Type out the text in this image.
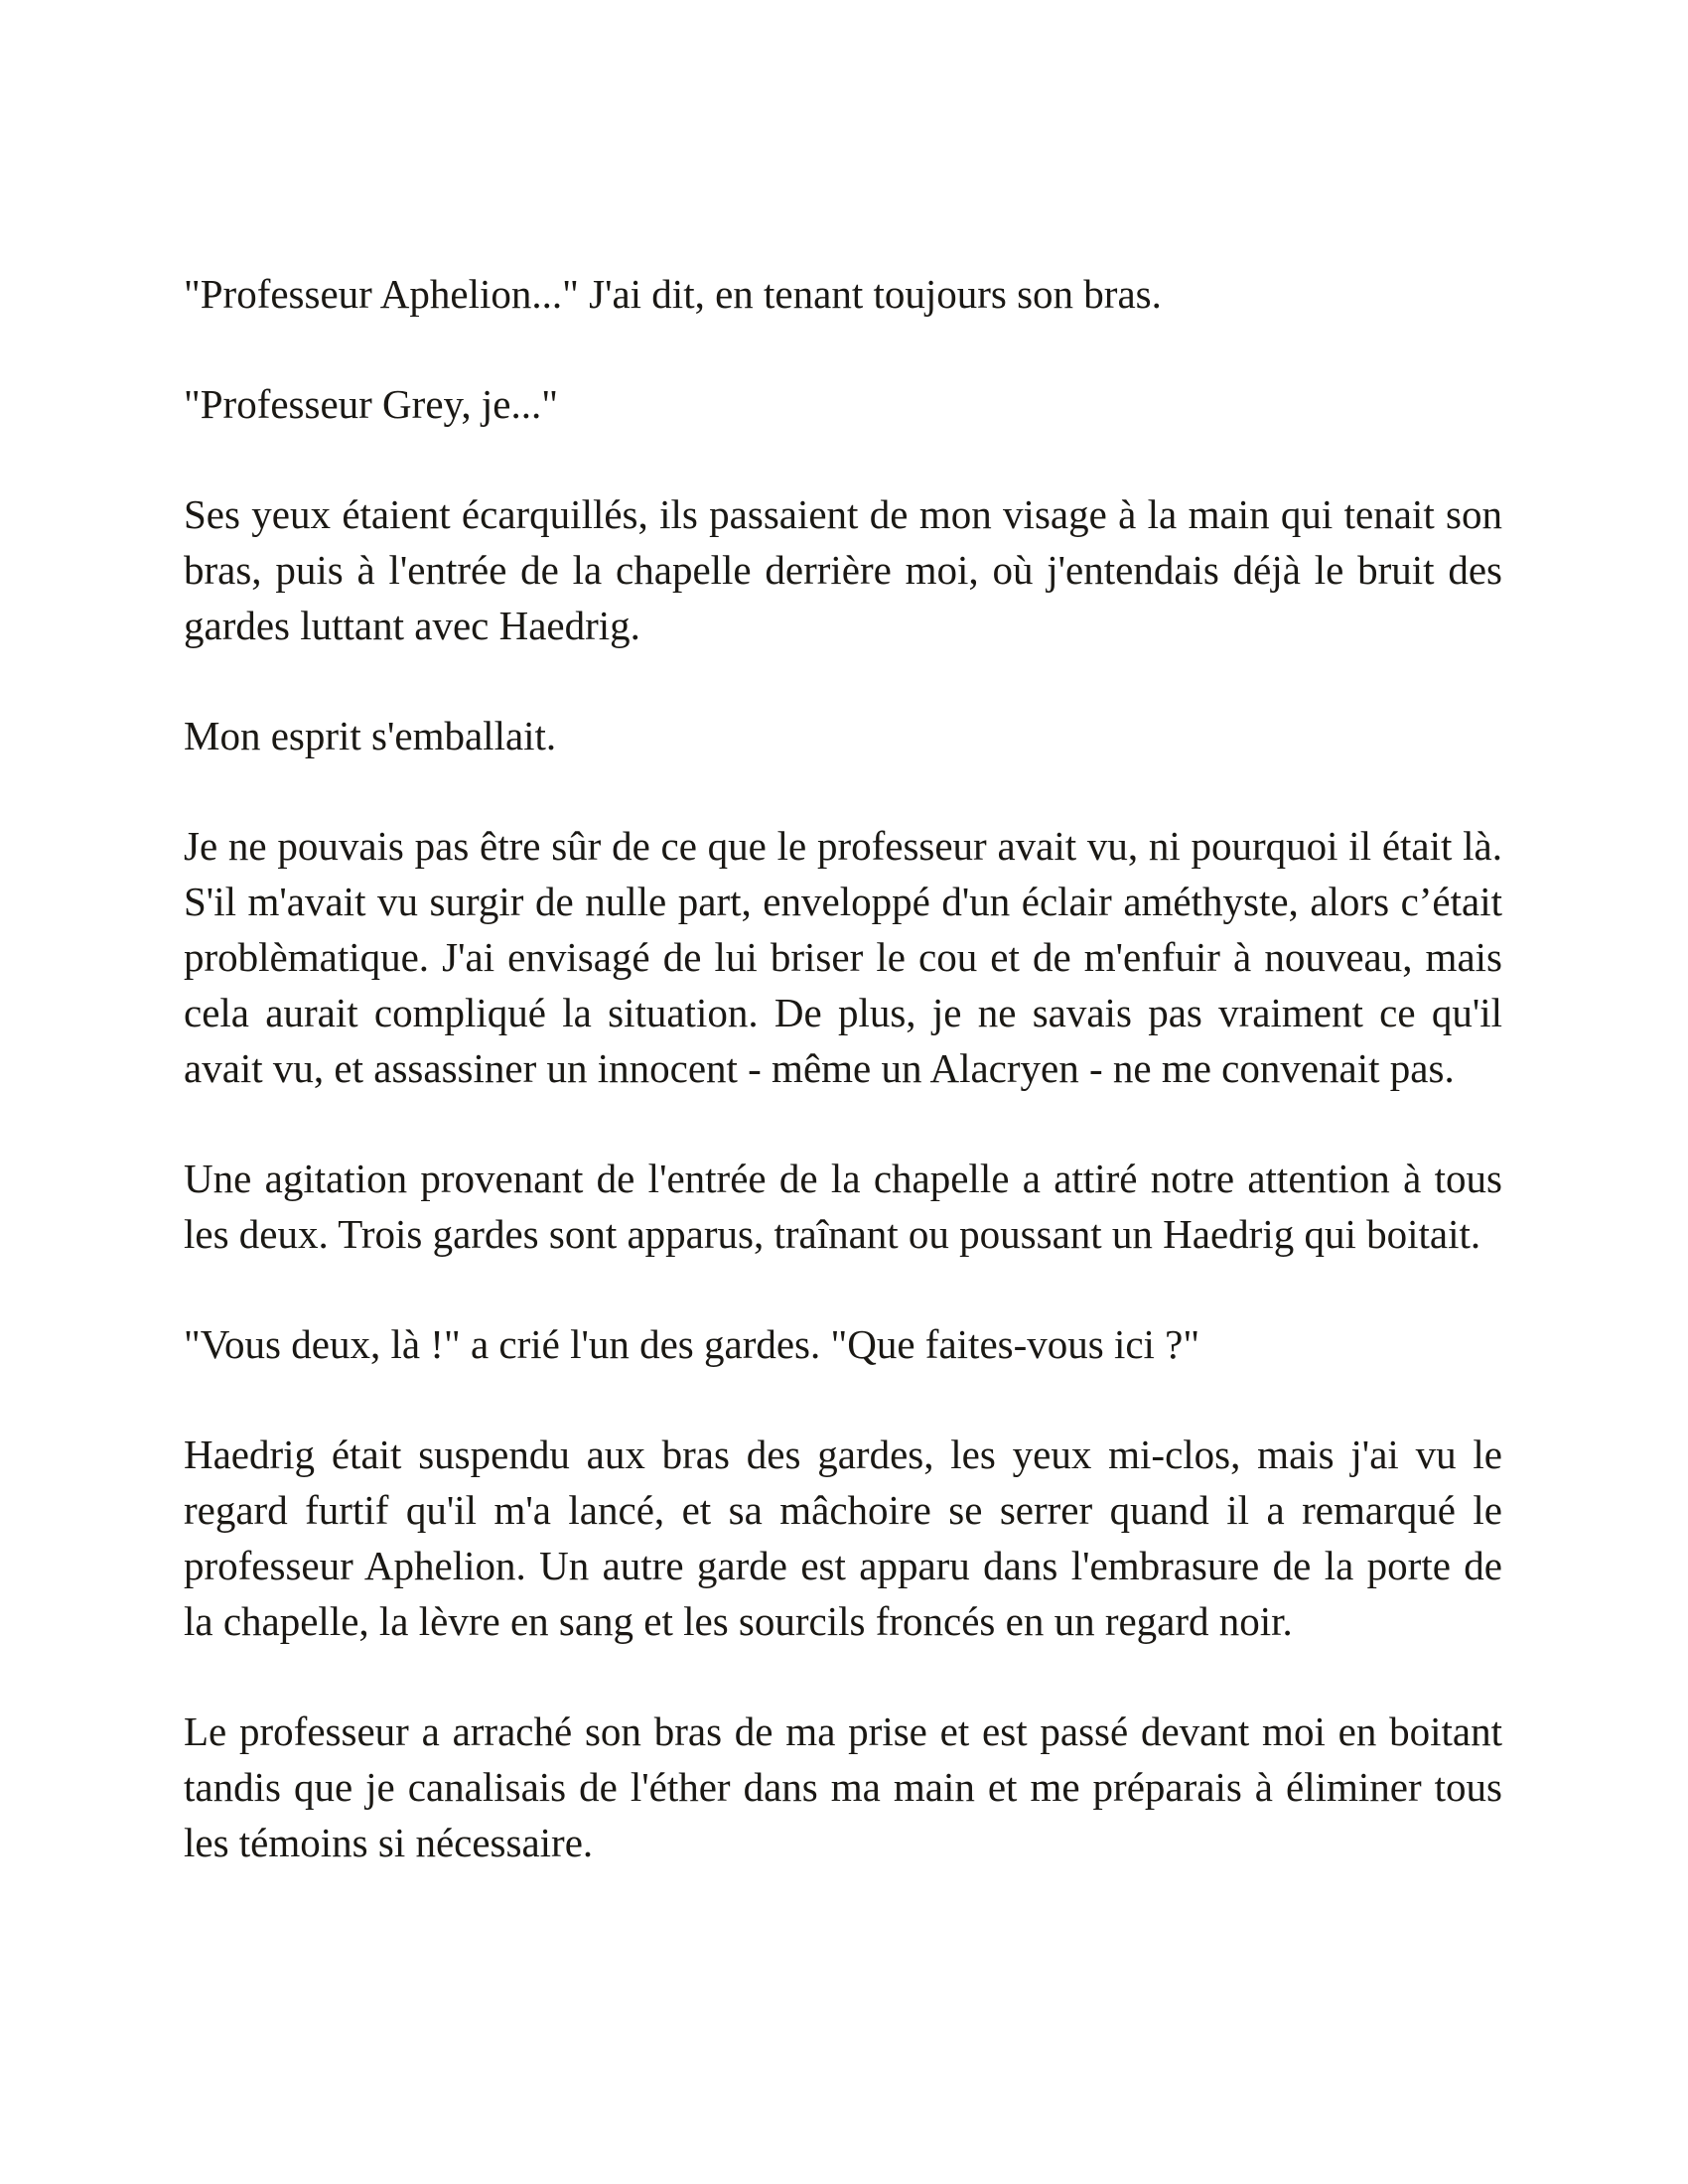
"Professeur Aphelion..." J'ai dit, en tenant toujours son bras.

"Professeur Grey, je..."

Ses yeux étaient écarquillés, ils passaient de mon visage à la main qui tenait son bras, puis à l'entrée de la chapelle derrière moi, où j'entendais déjà le bruit des gardes luttant avec Haedrig.

Mon esprit s'emballait.

Je ne pouvais pas être sûr de ce que le professeur avait vu, ni pourquoi il était là. S'il m'avait vu surgir de nulle part, enveloppé d'un éclair améthyste, alors c’était problèmatique. J'ai envisagé de lui briser le cou et de m'enfuir à nouveau, mais cela aurait compliqué la situation. De plus, je ne savais pas vraiment ce qu'il avait vu, et assassiner un innocent - même un Alacryen - ne me convenait pas.

Une agitation provenant de l'entrée de la chapelle a attiré notre attention à tous les deux. Trois gardes sont apparus, traînant ou poussant un Haedrig qui boitait.

"Vous deux, là !" a crié l'un des gardes. "Que faites-vous ici ?"

Haedrig était suspendu aux bras des gardes, les yeux mi-clos, mais j'ai vu le regard furtif qu'il m'a lancé, et sa mâchoire se serrer quand il a remarqué le professeur Aphelion. Un autre garde est apparu dans l'embrasure de la porte de la chapelle, la lèvre en sang et les sourcils froncés en un regard noir.

Le professeur a arraché son bras de ma prise et est passé devant moi en boitant tandis que je canalisais de l'éther dans ma main et me préparais à éliminer tous les témoins si nécessaire.
